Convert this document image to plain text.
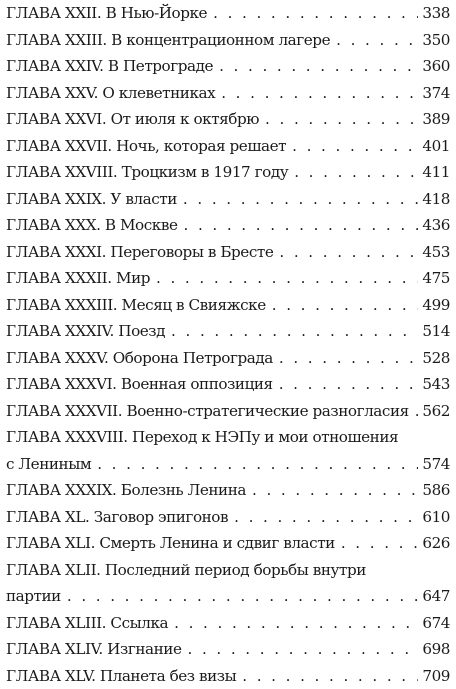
ГЛАВА XXII. В Нью-Йорке . . .	338
ГЛАВА XXIII. В концентрационном лагере . . .	350
ГЛАВА XXIV. В Петрограде . . .	360
ГЛАВА XXV. О клеветниках . . .	374
ГЛАВА XXVI. От июля к октябрю . . .	389
ГЛАВА XXVII. Ночь, которая решает . . .	401
ГЛАВА XXVIII. Троцкизм в 1917 году . . .	411
ГЛАВА XXIX. У власти . . .	418
ГЛАВА XXX. В Москве . . .	436
ГЛАВА XXXI. Переговоры в Бресте . . .	453
ГЛАВА XXXII. Мир . . .	475
ГЛАВА XXXIII. Месяц в Свияжске . . .	499
ГЛАВА XXXIV. Поезд . . .	514
ГЛАВА XXXV. Оборона Петрограда . . .	528
ГЛАВА XXXVI. Военная оппозиция . . .	543
ГЛАВА XXXVII. Военно-стратегические разногласия . . . 562
ГЛАВА XXXVIII. Переход к НЭПу и мои отношения
с Лениным . . .	574
ГЛАВА XXXIX. Болезнь Ленина . . .	586
ГЛАВА XL. Заговор эпигонов . . .	610
ГЛАВА XLI. Смерть Ленина и сдвиг власти . . .	626
ГЛАВА XLII. Последний период борьбы внутри
партии . . .	647
ГЛАВА XLIII. Ссылка . . .	674
ГЛАВА XLIV. Изгнание . . .	698
ГЛАВА XLV. Планета без визы . . .	709
